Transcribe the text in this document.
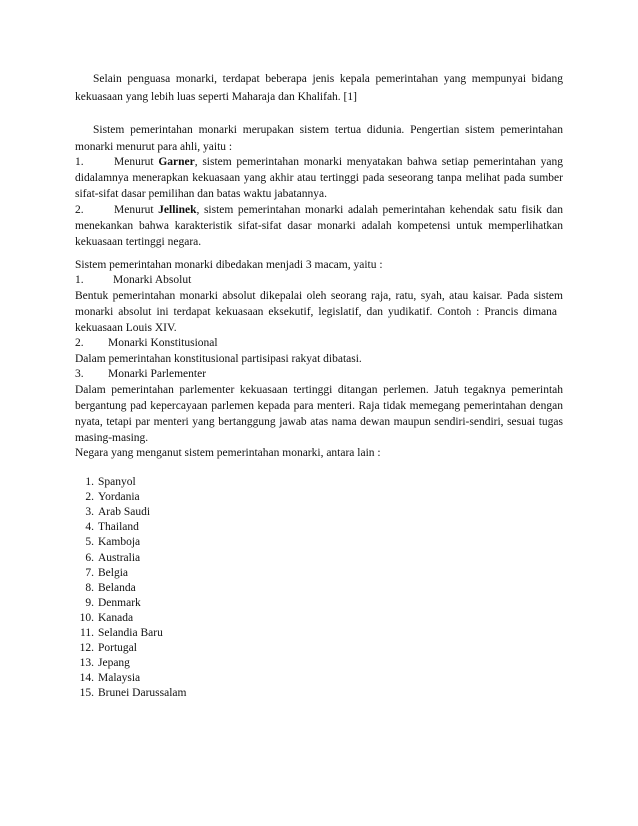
Selain penguasa monarki, terdapat beberapa jenis kepala pemerintahan yang mempunyai bidang
kekuasaan yang lebih luas seperti Maharaja dan Khalifah. [1]
Sistem pemerintahan monarki merupakan sistem tertua didunia. Pengertian sistem pemerintahan
monarki menurut para ahli, yaitu :
1.	Menurut Garner, sistem pemerintahan monarki menyatakan bahwa setiap pemerintahan yang
didalamnya menerapkan kekuasaan yang akhir atau tertinggi pada seseorang tanpa melihat pada sumber
sifat-sifat dasar pemilihan dan batas waktu jabatannya.
2.	Menurut Jellinek, sistem pemerintahan monarki adalah pemerintahan kehendak satu fisik dan
menekankan bahwa karakteristik sifat-sifat dasar monarki adalah kompetensi untuk memperlihatkan
kekuasaan tertinggi negara.
Sistem pemerintahan monarki dibedakan menjadi 3 macam, yaitu :
1.	Monarki Absolut
Bentuk pemerintahan monarki absolut dikepalai oleh seorang raja, ratu, syah, atau kaisar. Pada sistem
monarki absolut ini terdapat kekuasaan eksekutif, legislatif, dan yudikatif. Contoh : Prancis dimana
kekuasaan Louis XIV.
2. Monarki Konstitusional
Dalam pemerintahan konstitusional partisipasi rakyat dibatasi.
3. Monarki Parlementer
Dalam pemerintahan parlementer kekuasaan tertinggi ditangan perlemen. Jatuh tegaknya pemerintah
bergantung pad kepercayaan parlemen kepada para menteri. Raja tidak memegang pemerintahan dengan
nyata, tetapi par menteri yang bertanggung jawab atas nama dewan maupun sendiri-sendiri, sesuai tugas
masing-masing.
Negara yang menganut sistem pemerintahan monarki, antara lain :
1. Spanyol
2. Yordania
3. Arab Saudi
4. Thailand
5. Kamboja
6. Australia
7. Belgia
8. Belanda
9. Denmark
10. Kanada
11. Selandia Baru
12. Portugal
13. Jepang
14. Malaysia
15. Brunei Darussalam
